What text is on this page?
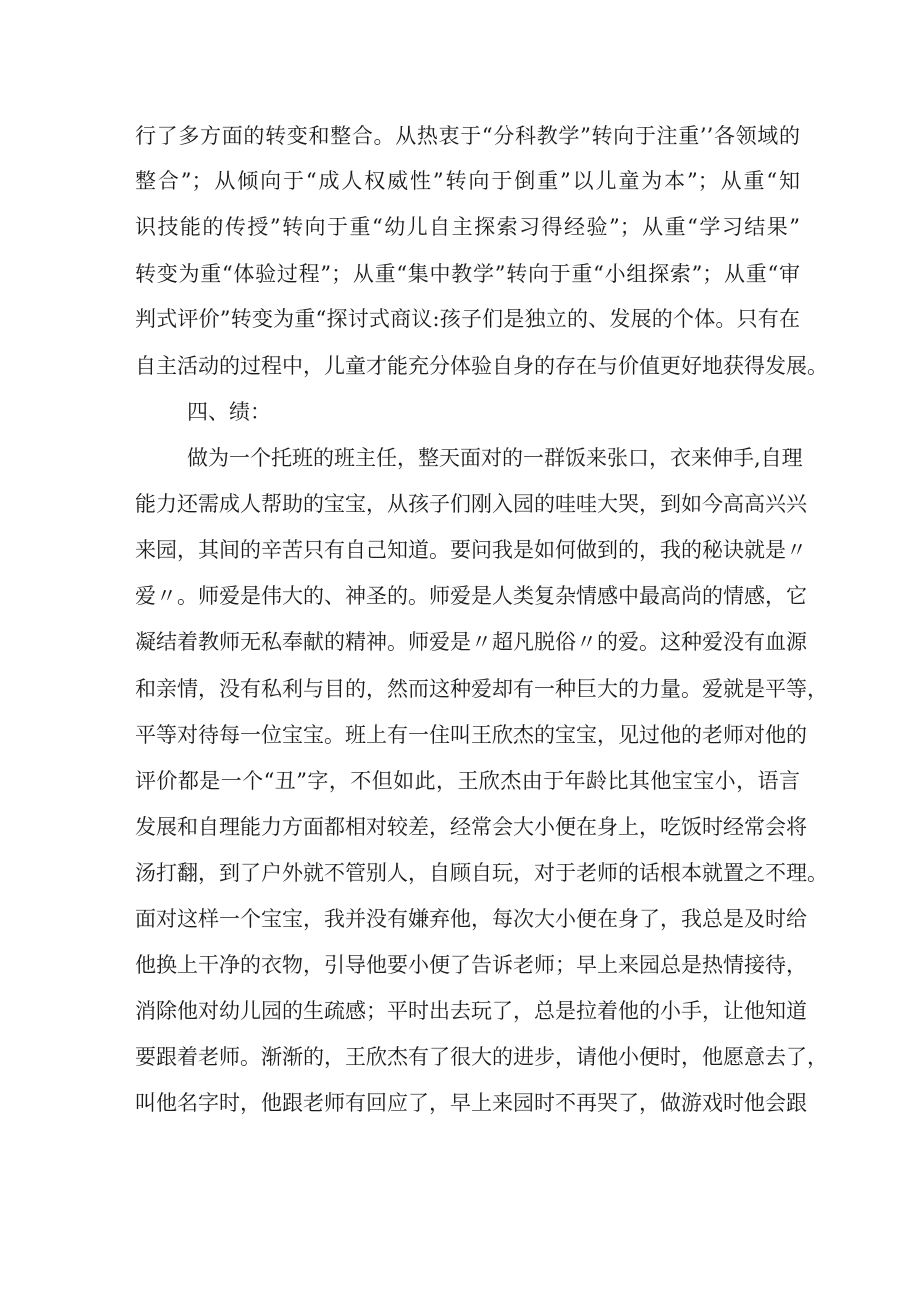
行了多方面的转变和整合。从热衷于“分科教学”转向于注重’’各领域的
整合”；从倾向于“成人权威性”转向于倒重”以儿童为本”；从重“知
识技能的传授”转向于重“幼儿自主探索习得经验”；从重“学习结果”
转变为重“体验过程”；从重“集中教学”转向于重“小组探索”；从重“审
判式评价”转变为重“探讨式商议:孩子们是独立的、发展的个体。只有在
自主活动的过程中，儿童才能充分体验自身的存在与价值更好地获得发展。
四、绩：
做为一个托班的班主任，整天面对的一群饭来张口，衣来伸手,自理
能力还需成人帮助的宝宝，从孩子们刚入园的哇哇大哭，到如今高高兴兴
来园，其间的辛苦只有自己知道。要问我是如何做到的，我的秘诀就是〃
爱〃。师爱是伟大的、神圣的。师爱是人类复杂情感中最高尚的情感，它
凝结着教师无私奉献的精神。师爱是〃超凡脱俗〃的爱。这种爱没有血源
和亲情，没有私利与目的，然而这种爱却有一种巨大的力量。爱就是平等，
平等对待每一位宝宝。班上有一住叫王欣杰的宝宝，见过他的老师对他的
评价都是一个“丑”字，不但如此，王欣杰由于年龄比其他宝宝小，语言
发展和自理能力方面都相对较差，经常会大小便在身上，吃饭时经常会将
汤打翻，到了户外就不管别人，自顾自玩，对于老师的话根本就置之不理。
面对这样一个宝宝，我并没有嫌弃他，每次大小便在身了，我总是及时给
他换上干净的衣物，引导他要小便了告诉老师；早上来园总是热情接待，
消除他对幼儿园的生疏感；平时出去玩了，总是拉着他的小手，让他知道
要跟着老师。渐渐的，王欣杰有了很大的进步，请他小便时，他愿意去了，
叫他名字时，他跟老师有回应了，早上来园时不再哭了，做游戏时他会跟
